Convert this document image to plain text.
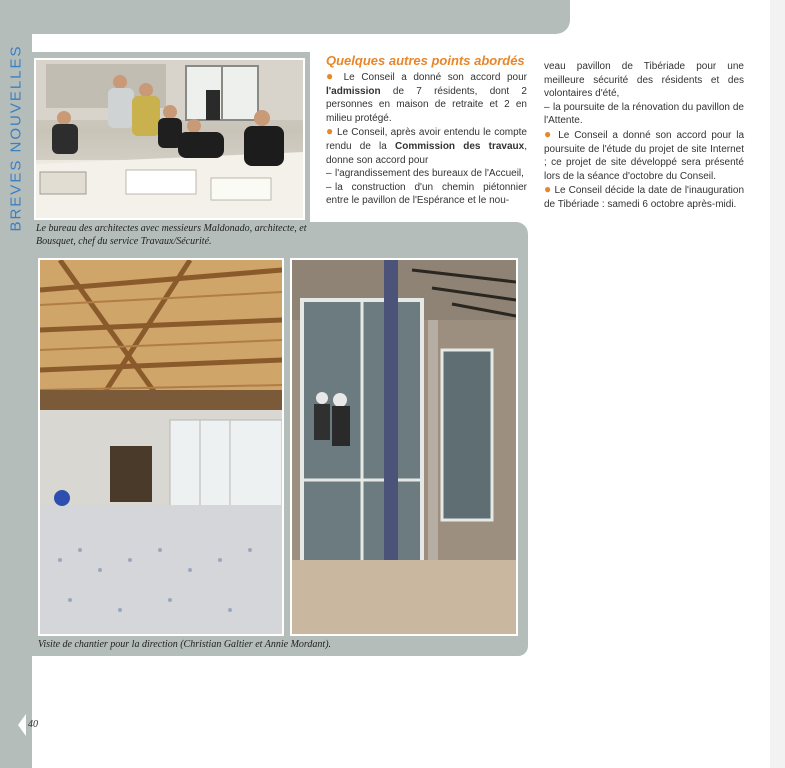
BREVES NOUVELLES Le bureau des architectes avec messieurs Maldonado, architecte, et Bousquet, chef du service Travaux/Sécurité.
Visite de chantier pour la direction (Christian Galtier et Annie Mordant).
Quelques autres points abordés

● Le Conseil a donné son accord pour l'admission de 7 résidents, dont 2 personnes en maison de retraite et 2 en milieu protégé.

● Le Conseil, après avoir entendu le compte rendu de la Commission des travaux, donne son accord pour

– l'agrandissement des bureaux de l'Accueil,

– la construction d'un chemin piétonnier entre le pavillon de l'Espérance et le nou-

veau pavillon de Tibériade pour une meilleure sécurité des résidents et des volontaires d'été,

– la poursuite de la rénovation du pavillon de l'Attente.

● Le Conseil a donné son accord pour la poursuite de l'étude du projet de site Internet ; ce projet de site développé sera présenté lors de la séance d'octobre du Conseil.

● Le Conseil décide la date de l'inauguration de Tibériade : samedi 6 octobre après-midi.

40
